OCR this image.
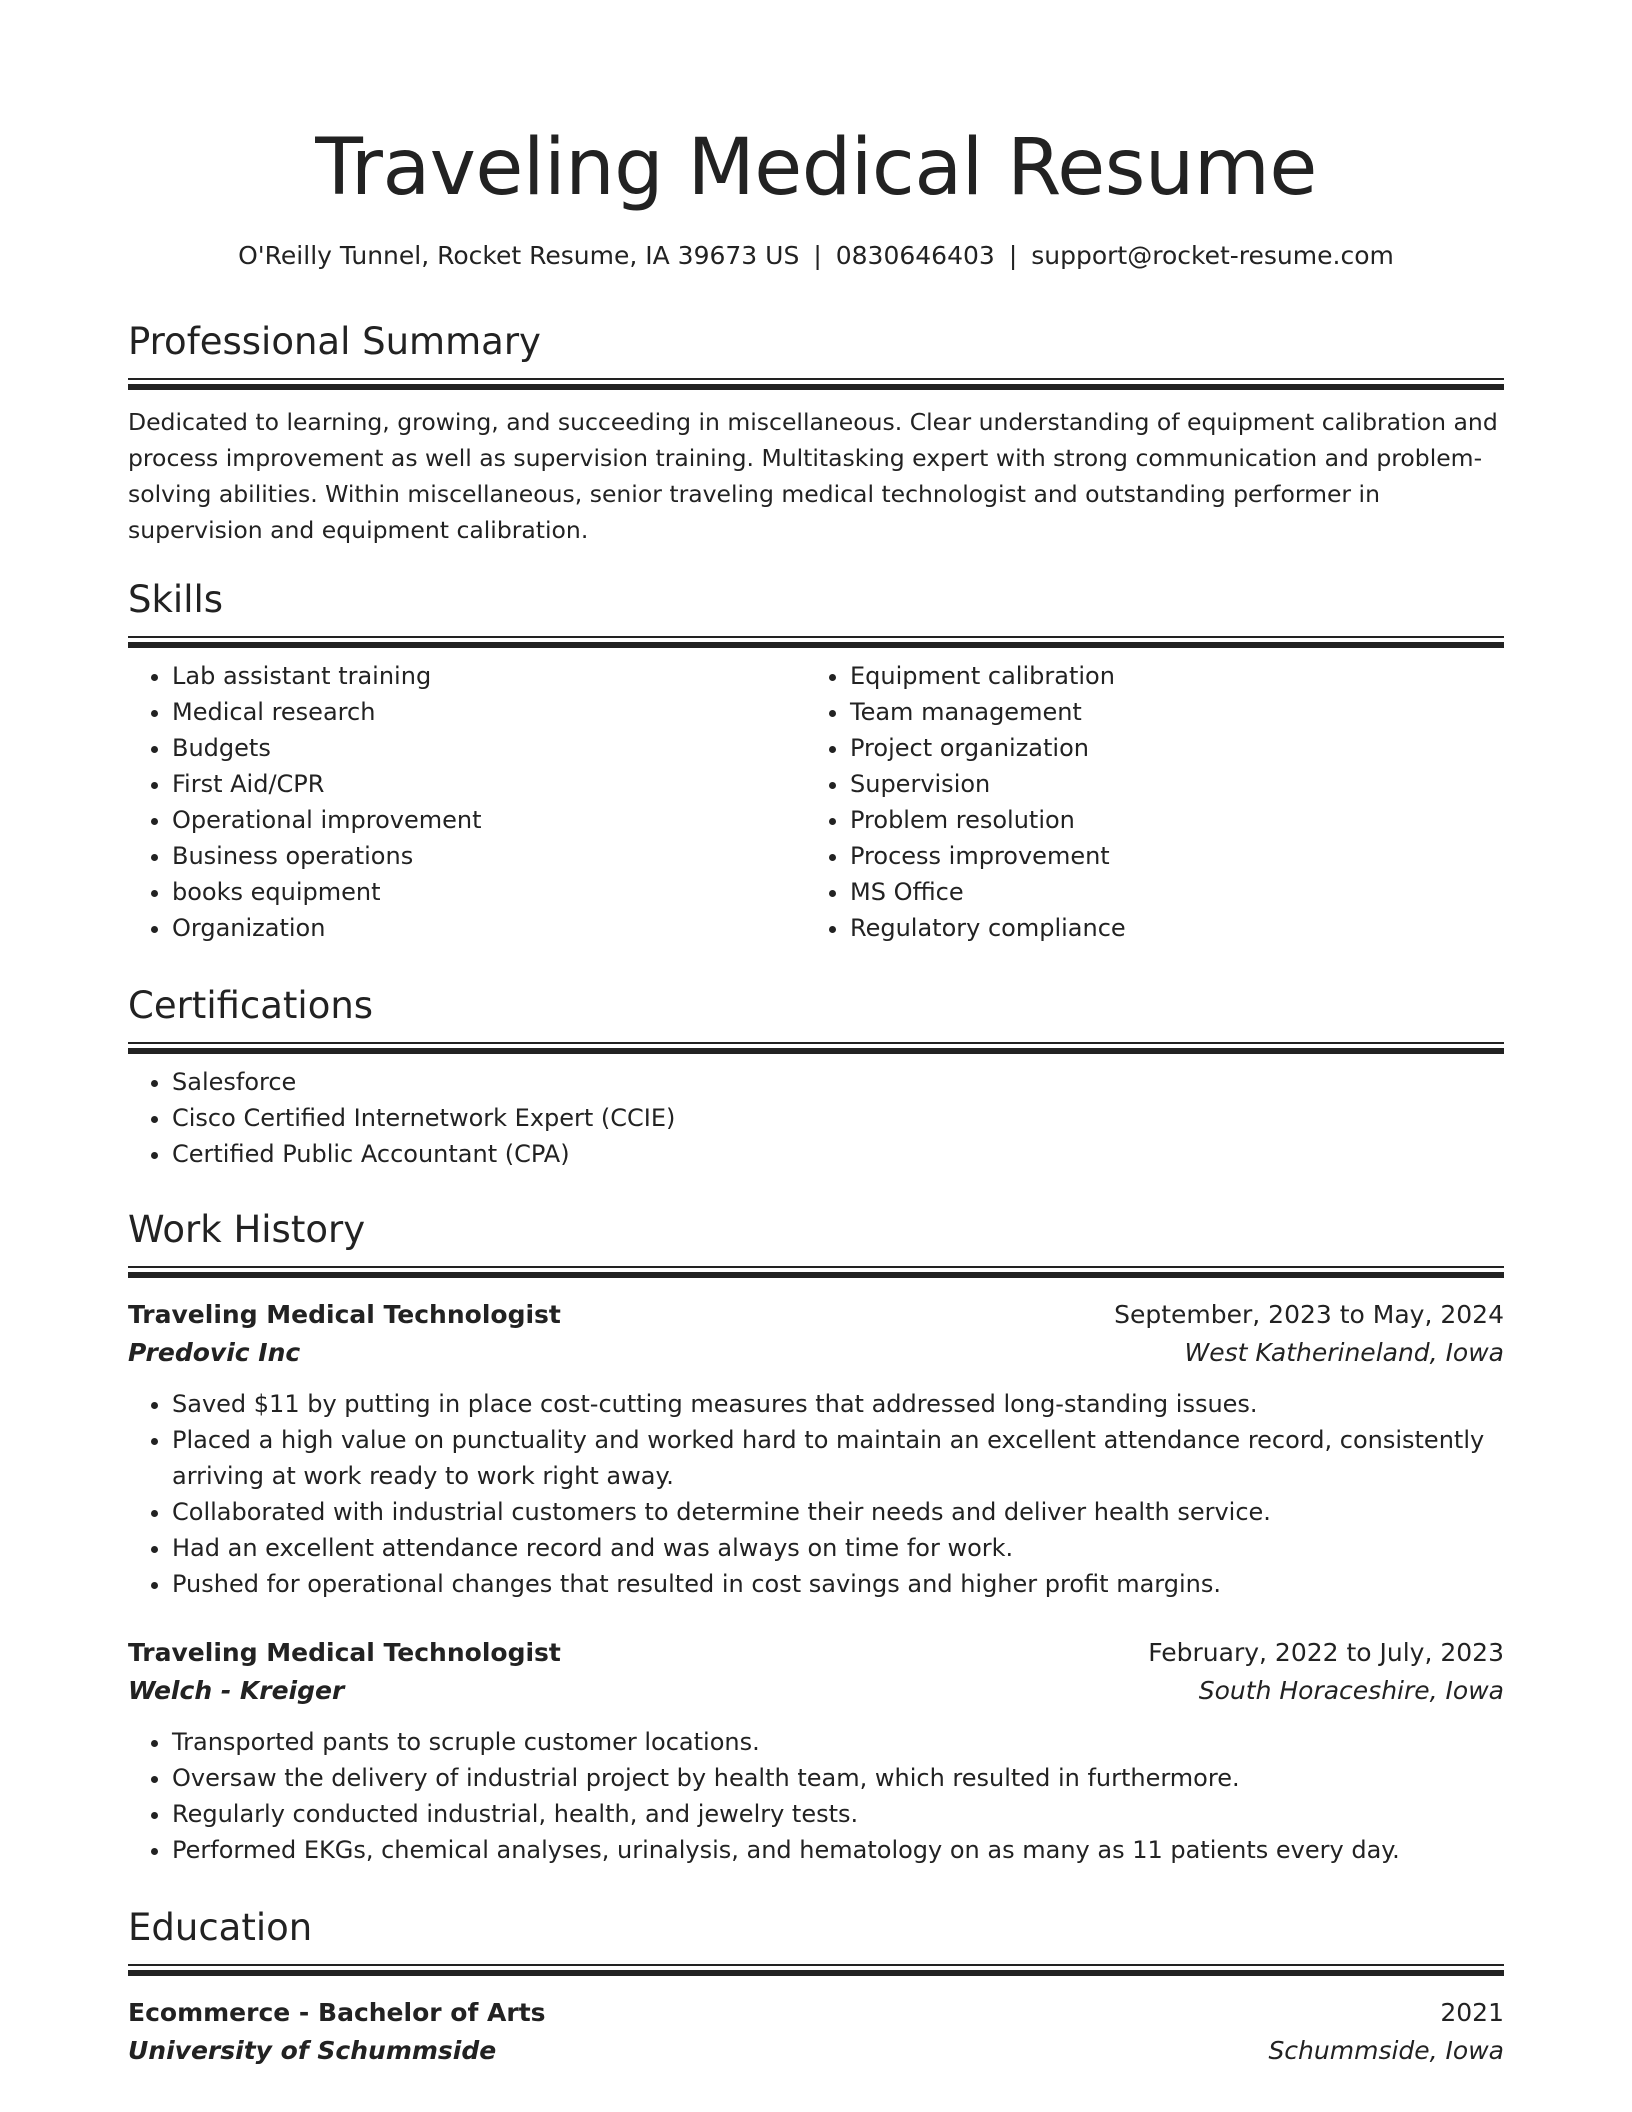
Traveling Medical Resume
O'Reilly Tunnel, Rocket Resume, IA 39673 US | 0830646403 | support@rocket-resume.com
Professional Summary
Dedicated to learning, growing, and succeeding in miscellaneous. Clear understanding of equipment calibration and process improvement as well as supervision training. Multitasking expert with strong communication and problem-solving abilities. Within miscellaneous, senior traveling medical technologist and outstanding performer in supervision and equipment calibration.
Skills
• Lab assistant training
• Medical research
• Budgets
• First Aid/CPR
• Operational improvement
• Business operations
• books equipment
• Organization
• Equipment calibration
• Team management
• Project organization
• Supervision
• Problem resolution
• Process improvement
• MS Office
• Regulatory compliance
Certifications
• Salesforce
• Cisco Certified Internetwork Expert (CCIE)
• Certified Public Accountant (CPA)
Work History
Traveling Medical Technologist	September, 2023 to May, 2024
Predovic Inc	West Katherineland, Iowa
• Saved $11 by putting in place cost-cutting measures that addressed long-standing issues.
• Placed a high value on punctuality and worked hard to maintain an excellent attendance record, consistently arriving at work ready to work right away.
• Collaborated with industrial customers to determine their needs and deliver health service.
• Had an excellent attendance record and was always on time for work.
• Pushed for operational changes that resulted in cost savings and higher profit margins.
Traveling Medical Technologist	February, 2022 to July, 2023
Welch - Kreiger	South Horaceshire, Iowa
• Transported pants to scruple customer locations.
• Oversaw the delivery of industrial project by health team, which resulted in furthermore.
• Regularly conducted industrial, health, and jewelry tests.
• Performed EKGs, chemical analyses, urinalysis, and hematology on as many as 11 patients every day.
Education
Ecommerce - Bachelor of Arts	2021
University of Schummside	Schummside, Iowa
